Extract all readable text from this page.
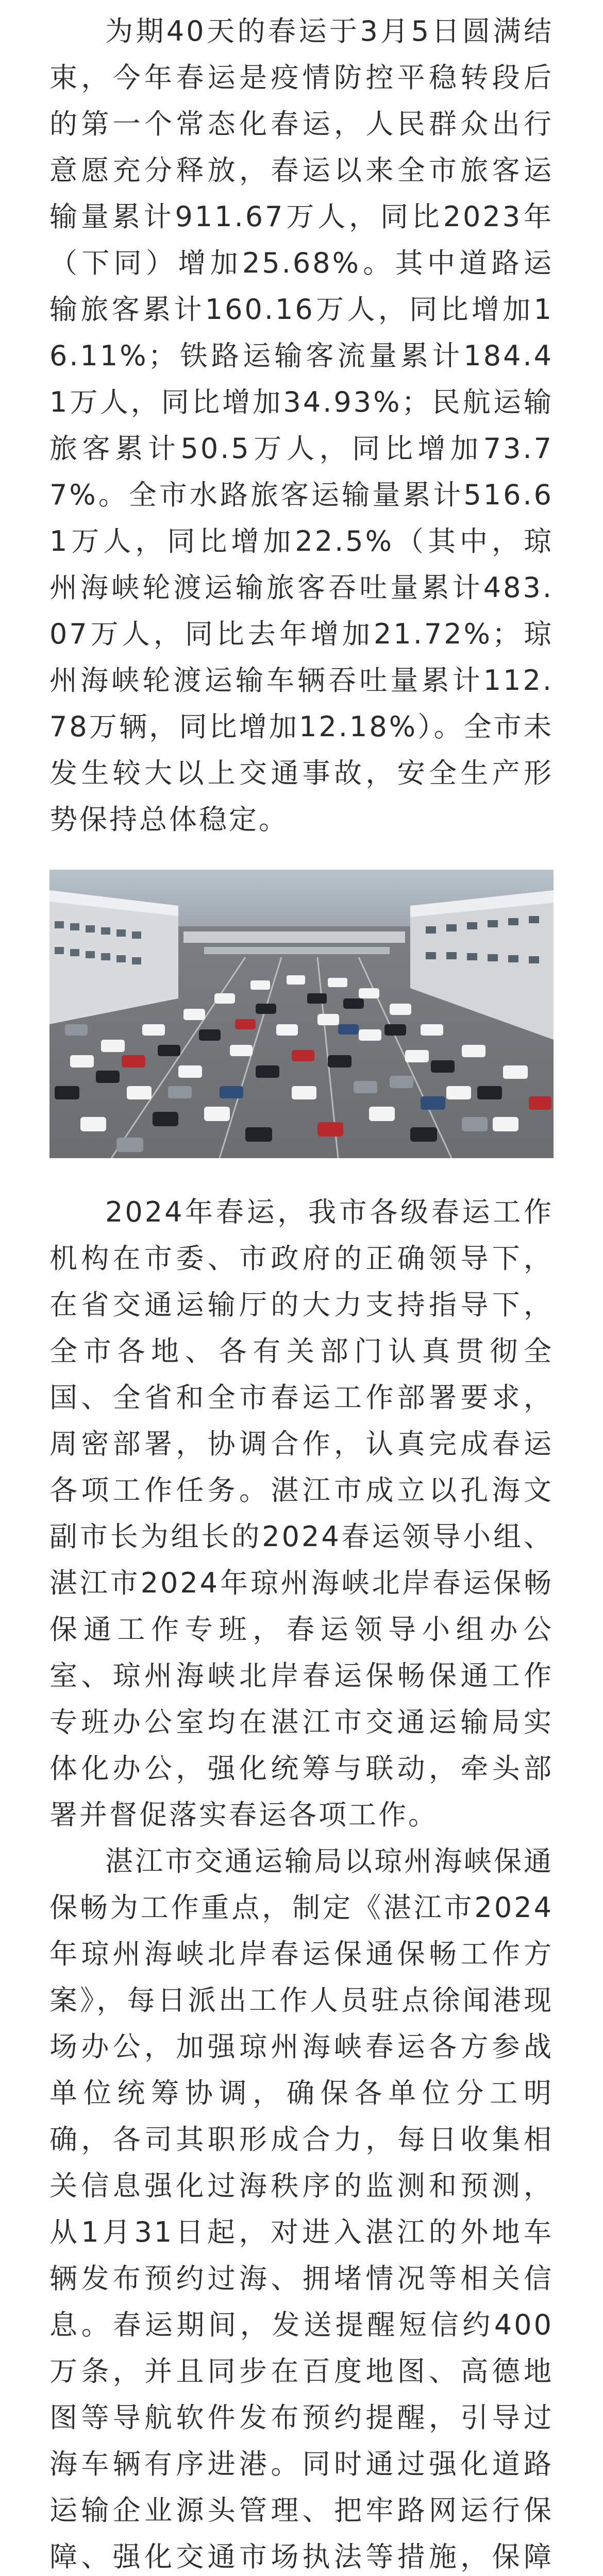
为期40天的春运于3月5日圆满结束，今年春运是疫情防控平稳转段后的第一个常态化春运，人民群众出行意愿充分释放，春运以来全市旅客运输量累计911.67万人，同比2023年（下同）增加25.68%。其中道路运输旅客累计160.16万人，同比增加16.11%；铁路运输客流量累计184.41万人，同比增加34.93%；民航运输旅客累计50.5万人，同比增加73.77%。全市水路旅客运输量累计516.61万人，同比增加22.5%（其中，琼州海峡轮渡运输旅客吞吐量累计483.07万人，同比去年增加21.72%；琼州海峡轮渡运输车辆吞吐量累计112.78万辆，同比增加12.18%）。全市未发生较大以上交通事故，安全生产形势保持总体稳定。

2024年春运，我市各级春运工作机构在市委、市政府的正确领导下，在省交通运输厅的大力支持指导下，全市各地、各有关部门认真贯彻全国、全省和全市春运工作部署要求，周密部署，协调合作，认真完成春运各项工作任务。湛江市成立以孔海文副市长为组长的2024春运领导小组、湛江市2024年琼州海峡北岸春运保畅保通工作专班，春运领导小组办公室、琼州海峡北岸春运保畅保通工作专班办公室均在湛江市交通运输局实体化办公，强化统筹与联动，牵头部署并督促落实春运各项工作。

湛江市交通运输局以琼州海峡保通保畅为工作重点，制定《湛江市2024年琼州海峡北岸春运保通保畅工作方案》，每日派出工作人员驻点徐闻港现场办公，加强琼州海峡春运各方参战单位统筹协调，确保各单位分工明确，各司其职形成合力，每日收集相关信息强化过海秩序的监测和预测，从1月31日起，对进入湛江的外地车辆发布预约过海、拥堵情况等相关信息。春运期间，发送提醒短信约400万条，并且同步在百度地图、高德地图等导航软件发布预约提醒，引导过海车辆有序进港。同时通过强化道路运输企业源头管理、把牢路网运行保障、强化交通市场执法等措施，保障
